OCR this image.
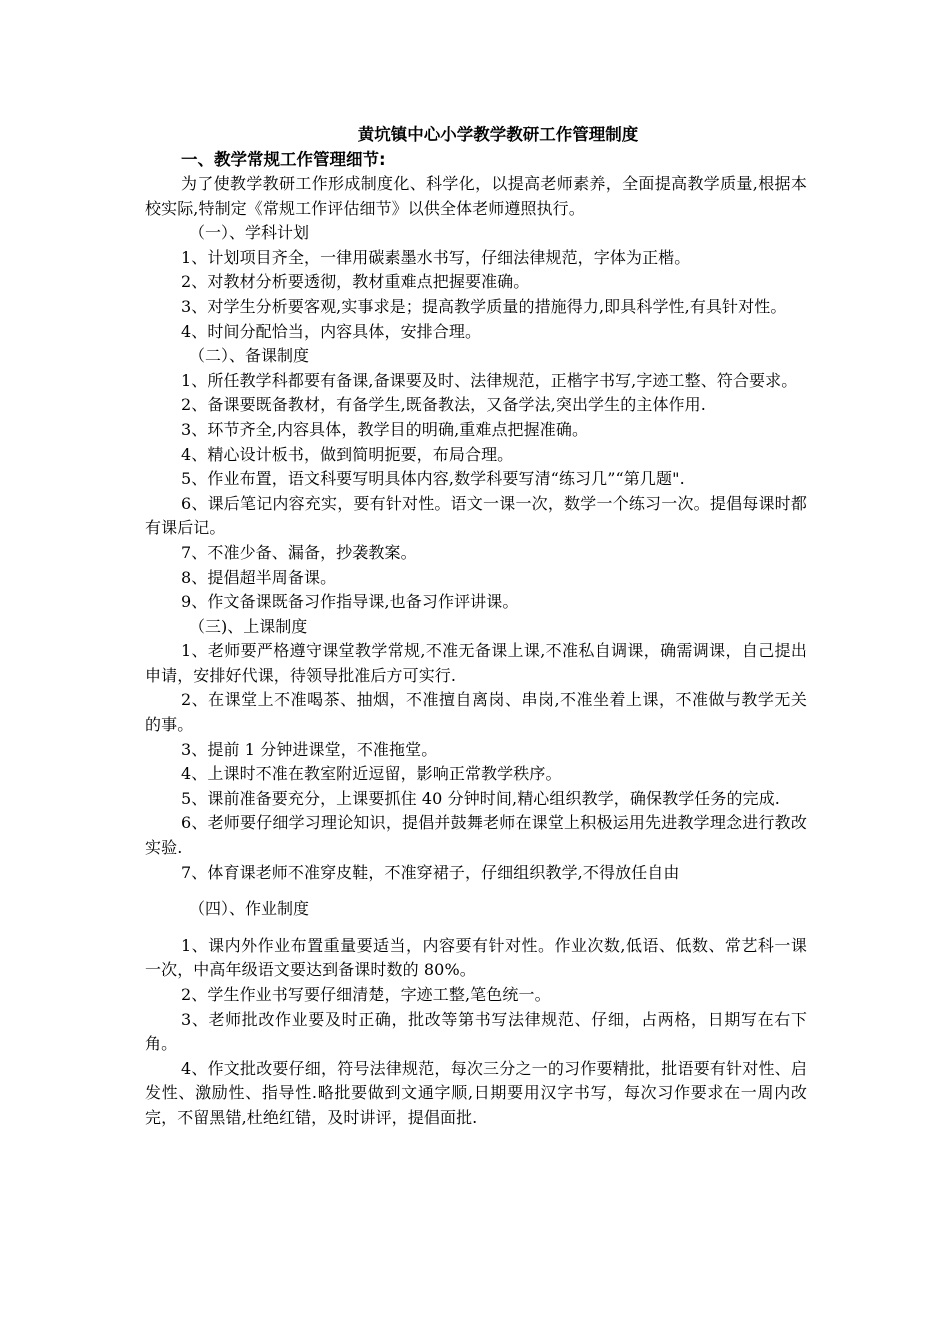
黄坑镇中心小学教学教研工作管理制度

一、教学常规工作管理细节:

为了使教学教研工作形成制度化、科学化，以提高老师素养，全面提高教学质量,根据本校实际,特制定《常规工作评估细节》以供全体老师遵照执行。

（一）、学科计划

1、计划项目齐全，一律用碳素墨水书写，仔细法律规范，字体为正楷。

2、对教材分析要透彻，教材重难点把握要准确。

3、对学生分析要客观,实事求是；提高教学质量的措施得力,即具科学性,有具针对性。

4、时间分配恰当，内容具体，安排合理。

（二）、备课制度

1、所任教学科都要有备课,备课要及时、法律规范，正楷字书写,字迹工整、符合要求。

2、备课要既备教材，有备学生,既备教法，又备学法,突出学生的主体作用.

3、环节齐全,内容具体，教学目的明确,重难点把握准确。

4、精心设计板书，做到简明扼要，布局合理。

5、作业布置，语文科要写明具体内容,数学科要写清“练习几”“第几题".

6、课后笔记内容充实，要有针对性。语文一课一次，数学一个练习一次。提倡每课时都有课后记。

7、不准少备、漏备，抄袭教案。

8、提倡超半周备课。

9、作文备课既备习作指导课,也备习作评讲课。

（三)、上课制度

1、老师要严格遵守课堂教学常规,不准无备课上课,不准私自调课，确需调课，自己提出申请，安排好代课，待领导批准后方可实行.

2、在课堂上不准喝茶、抽烟，不准擅自离岗、串岗,不准坐着上课，不准做与教学无关的事。

3、提前 1 分钟进课堂，不准拖堂。

4、上课时不准在教室附近逗留，影响正常教学秩序。

5、课前准备要充分，上课要抓住 40 分钟时间,精心组织教学，确保教学任务的完成.

6、老师要仔细学习理论知识，提倡并鼓舞老师在课堂上积极运用先进教学理念进行教改实验.

7、体育课老师不准穿皮鞋，不准穿裙子，仔细组织教学,不得放任自由

（四）、作业制度

1、课内外作业布置重量要适当，内容要有针对性。作业次数,低语、低数、常艺科一课一次，中高年级语文要达到备课时数的 80%。

2、学生作业书写要仔细清楚，字迹工整,笔色统一。

3、老师批改作业要及时正确，批改等第书写法律规范、仔细，占两格，日期写在右下角。

4、作文批改要仔细，符号法律规范，每次三分之一的习作要精批，批语要有针对性、启发性、激励性、指导性.略批要做到文通字顺,日期要用汉字书写，每次习作要求在一周内改完，不留黑错,杜绝红错，及时讲评，提倡面批.
